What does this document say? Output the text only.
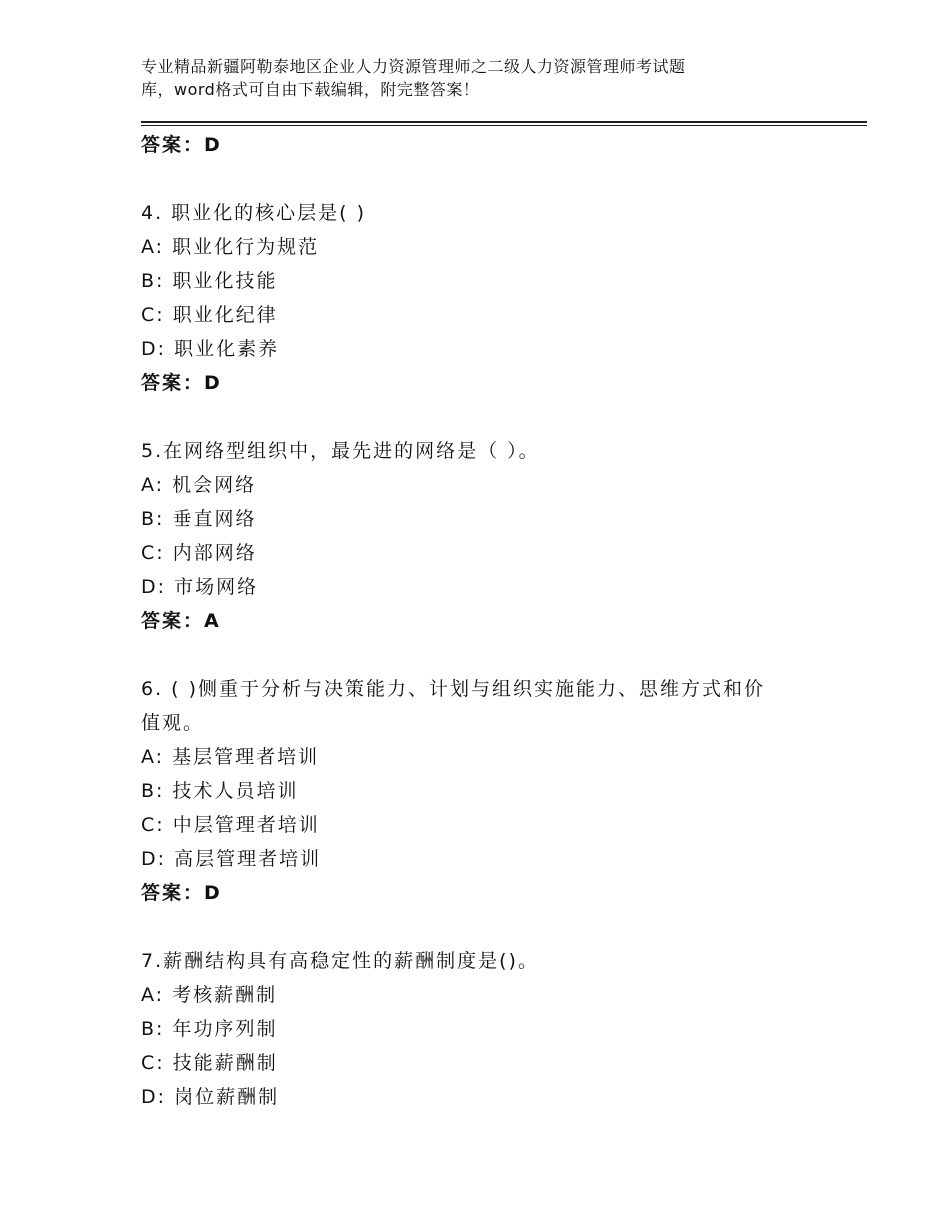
专业精品新疆阿勒泰地区企业人力资源管理师之二级人力资源管理师考试题
库，word格式可自由下载编辑，附完整答案！
答案：D
4. 职业化的核心层是( )
A: 职业化行为规范
B: 职业化技能
C: 职业化纪律
D: 职业化素养
答案：D
5.在网络型组织中，最先进的网络是（ ）。
A: 机会网络
B: 垂直网络
C: 内部网络
D: 市场网络
答案：A
6. ( )侧重于分析与决策能力、计划与组织实施能力、思维方式和价
值观。
A: 基层管理者培训
B: 技术人员培训
C: 中层管理者培训
D: 高层管理者培训
答案：D
7.薪酬结构具有高稳定性的薪酬制度是()。
A: 考核薪酬制
B: 年功序列制
C: 技能薪酬制
D: 岗位薪酬制
